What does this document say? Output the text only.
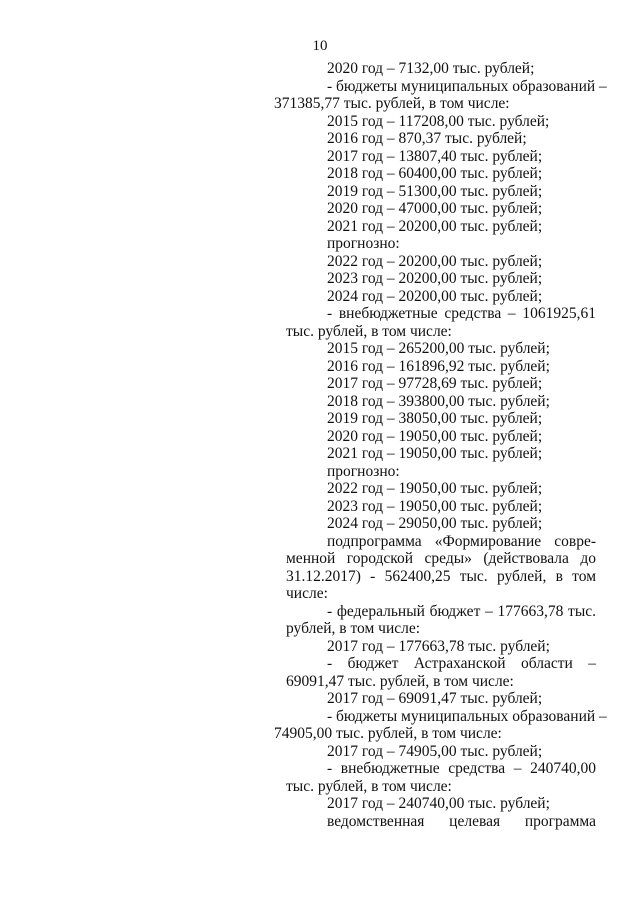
10
2020 год – 7132,00 тыс. рублей;
- бюджеты муниципальных образований –
371385,77 тыс. рублей, в том числе:
2015 год – 117208,00 тыс. рублей;
2016 год – 870,37 тыс. рублей;
2017 год – 13807,40 тыс. рублей;
2018 год – 60400,00 тыс. рублей;
2019 год – 51300,00 тыс. рублей;
2020 год – 47000,00 тыс. рублей;
2021 год – 20200,00 тыс. рублей;
прогнозно:
2022 год – 20200,00 тыс. рублей;
2023 год – 20200,00 тыс. рублей;
2024 год – 20200,00 тыс. рублей;
- внебюджетные средства – 1061925,61
тыс. рублей, в том числе:
2015 год – 265200,00 тыс. рублей;
2016 год – 161896,92 тыс. рублей;
2017 год – 97728,69 тыс. рублей;
2018 год – 393800,00 тыс. рублей;
2019 год – 38050,00 тыс. рублей;
2020 год – 19050,00 тыс. рублей;
2021 год – 19050,00 тыс. рублей;
прогнозно:
2022 год – 19050,00 тыс. рублей;
2023 год – 19050,00 тыс. рублей;
2024 год – 29050,00 тыс. рублей;
подпрограмма «Формирование совре-
менной городской среды» (действовала до
31.12.2017) - 562400,25 тыс. рублей, в том
числе:
- федеральный бюджет – 177663,78 тыс.
рублей, в том числе:
2017 год – 177663,78 тыс. рублей;
- бюджет Астраханской области –
69091,47 тыс. рублей, в том числе:
2017 год – 69091,47 тыс. рублей;
- бюджеты муниципальных образований –
74905,00 тыс. рублей, в том числе:
2017 год – 74905,00 тыс. рублей;
- внебюджетные средства – 240740,00
тыс. рублей, в том числе:
2017 год – 240740,00 тыс. рублей;
ведомственная целевая программа
